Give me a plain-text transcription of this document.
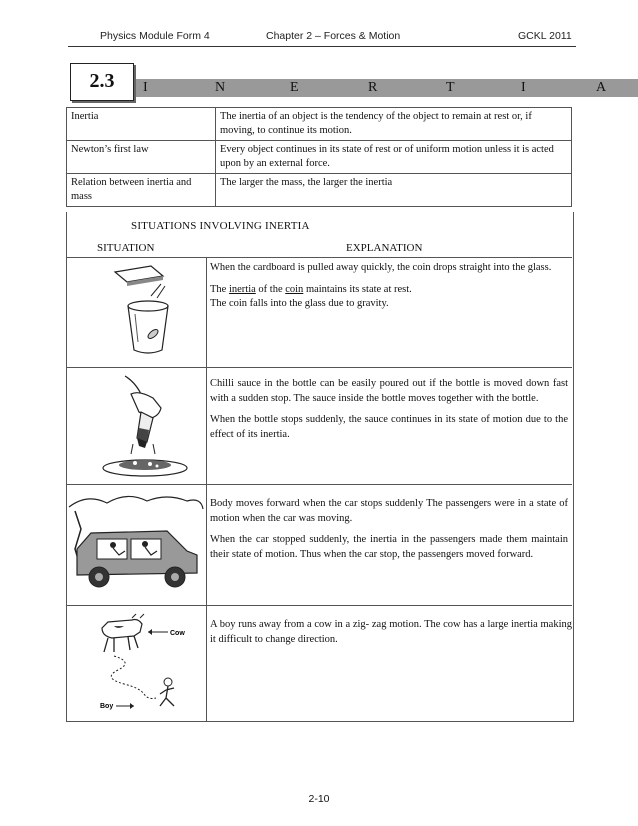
Physics Module Form 4	Chapter 2 – Forces & Motion	GCKL 2011
2.3	I	N	E	R	T	I	A
Inertia	The inertia of an object is the tendency of the object to remain at rest or, if moving, to continue its motion.
Newton’s first law	Every object continues in its state of rest or of uniform motion unless it is acted upon by an external force.
Relation between inertia and mass	The larger the mass, the larger the inertia
SITUATIONS INVOLVING INERTIA
SITUATION	EXPLANATION

When the cardboard is pulled away quickly, the coin drops straight into the glass.

The inertia of the coin maintains its state at rest.

The coin falls into the glass due to gravity.

Chilli sauce in the bottle can be easily poured out if the bottle is moved down fast with a sudden stop. The sauce inside the bottle moves together with the bottle.

When the bottle stops suddenly, the sauce continues in its state of motion due to the effect of its inertia.

Body moves forward when the car stops suddenly The passengers were in a state of motion when the car was moving.

When the car stopped suddenly, the inertia in the passengers made them maintain their state of motion. Thus when the car stop, the passengers moved forward.

Cow
Boy

A boy runs away from a cow in a zig- zag motion. The cow has a large inertia making it difficult to change direction.

2-10
